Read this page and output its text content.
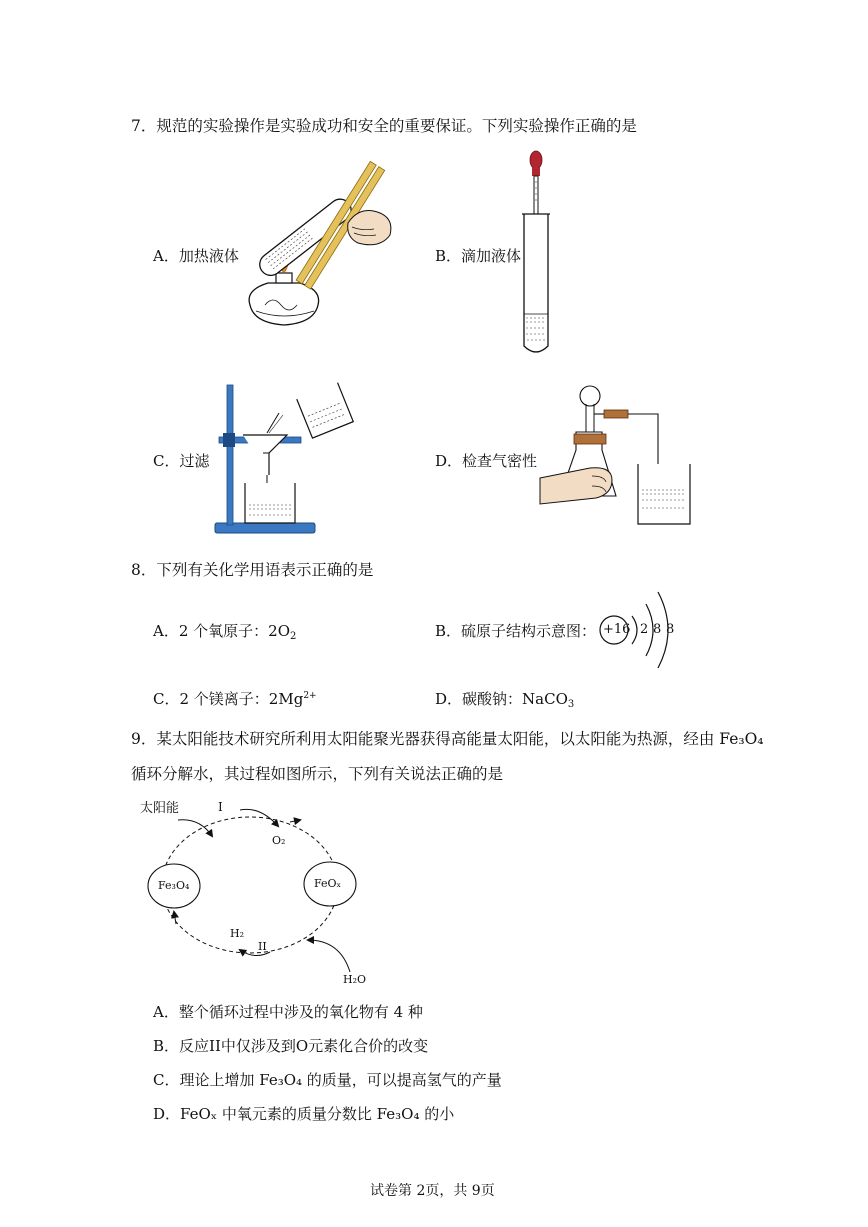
7．规范的实验操作是实验成功和安全的重要保证。下列实验操作正确的是
A．加热液体	B．滴加液体
C．过滤	D．检查气密性
8．下列有关化学用语表示正确的是
A．2 个氧原子：$2O_2$	B．硫原子结构示意图： +16 2 8 8
C．2 个镁离子：$2Mg^{2+}$	D．碳酸钠：NaCO$_3$
9．某太阳能技术研究所利用太阳能聚光器获得高能量太阳能，以太阳能为热源，经由 Fe₃O₄
循环分解水，其过程如图所示，下列有关说法正确的是
太阳能	I
O₂
Fe₃O₄	FeOₓ
H₂
II
H₂O
A．整个循环过程中涉及的氧化物有 4 种
B．反应II中仅涉及到O元素化合价的改变
C．理论上增加 Fe₃O₄ 的质量，可以提高氢气的产量
D．FeOₓ 中氧元素的质量分数比 Fe₃O₄ 的小
试卷第 2页，共 9页
